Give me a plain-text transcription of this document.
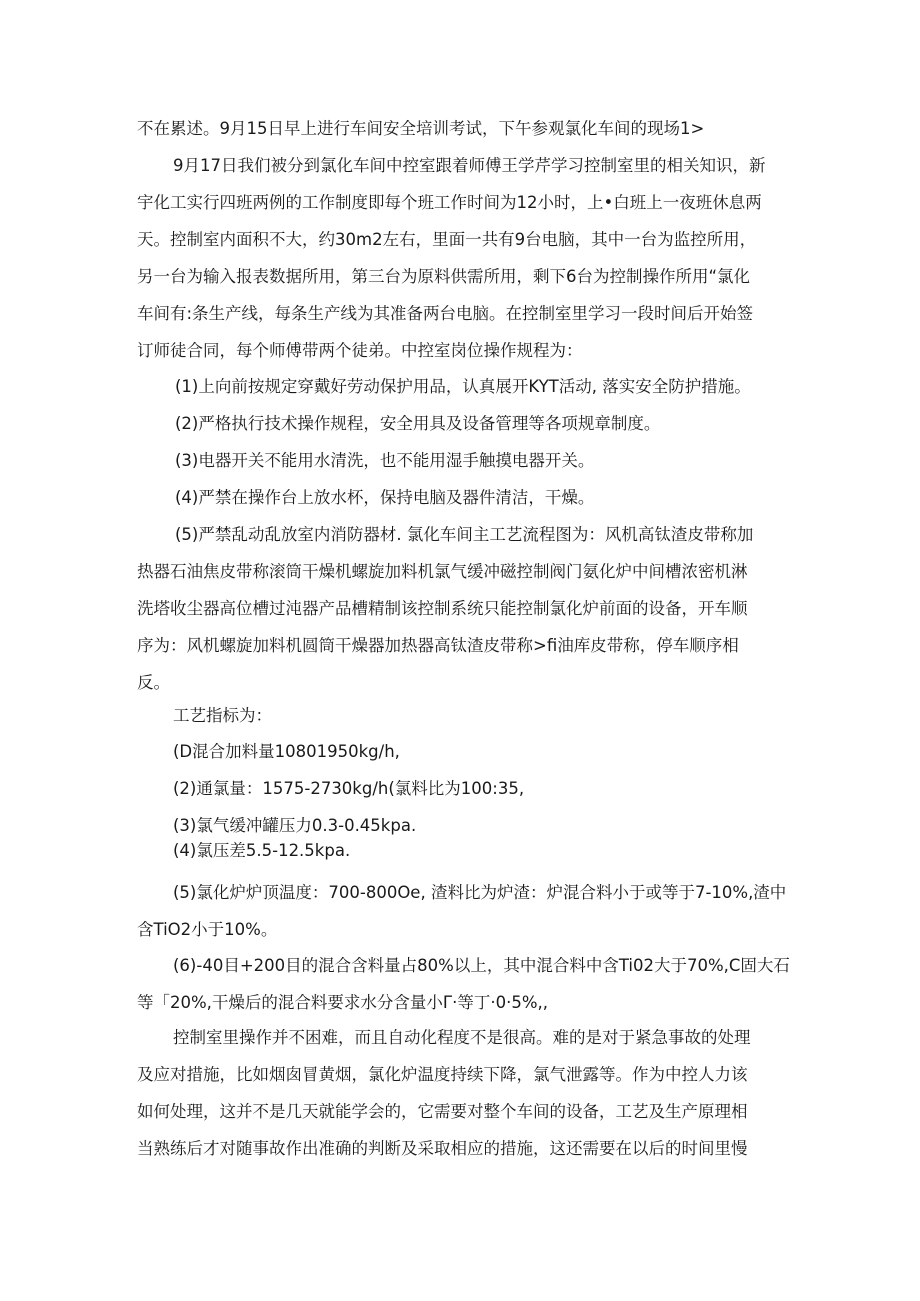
不在累述。9月15日早上进行车间安全培训考试，下午参观氯化车间的现场1>
9月17日我们被分到氯化车间中控室跟着师傅王学芹学习控制室里的相关知识，新
宇化工实行四班两例的工作制度即每个班工作时间为12小时，上•白班上一夜班休息两
天。控制室内面积不大，约30m2左右，里面一共有9台电脑，其中一台为监控所用，
另一台为输入报表数据所用，第三台为原料供需所用，剩下6台为控制操作所用“氯化
车间有:条生产线，每条生产线为其准备两台电脑。在控制室里学习一段时间后开始签
订师徒合同，每个师傅带两个徒弟。中控室岗位操作规程为：
(1)上向前按规定穿戴好劳动保护用品，认真展开KYT活动, 落实安全防护措施。
(2)严格执行技术操作规程，安全用具及设备管理等各项规章制度。
(3)电器开关不能用水清洗，也不能用湿手触摸电器开关。
(4)严禁在操作台上放水杯，保持电脑及器件清洁，干燥。
(5)严禁乱动乱放室内消防器材. 氯化车间主工艺流程图为：风机高钛渣皮带称加
热器石油焦皮带称滚筒干燥机螺旋加料机氯气缓冲磁控制阀门氨化炉中间槽浓密机淋
洗塔收尘器高位槽过沌器产品槽精制该控制系统只能控制氯化炉前面的设备，开车顺
序为：风机螺旋加料机圆筒干燥器加热器高钛渣皮带称>fi油库皮带称，停车顺序相
反。
工艺指标为：
(D混合加料量10801950kg/h,
(2)通氯量：1575-2730kg/h(氯料比为100:35,
(3)氯气缓冲罐压力0.3-0.45kpa.
(4)氯压差5.5-12.5kpa.
(5)氯化炉炉顶温度：700-800Oe, 渣料比为炉渣：炉混合料小于或等于7-10%,渣中
含TiO2小于10%。
(6)-40目+200目的混合含料量占80%以上，其中混合料中含Ti02大于70%,C固大石
等「20%,干燥后的混合料要求水分含量小Γ·等丁·0·5%,,
控制室里操作并不困难，而且自动化程度不是很高。难的是对于紧急事故的处理
及应对措施，比如烟囱冒黄烟，氯化炉温度持续下降，氯气泄露等。作为中控人力该
如何处理，这并不是几天就能学会的，它需要对整个车间的设备，工艺及生产原理相
当熟练后才对随事故作出准确的判断及采取相应的措施，这还需要在以后的时间里慢
